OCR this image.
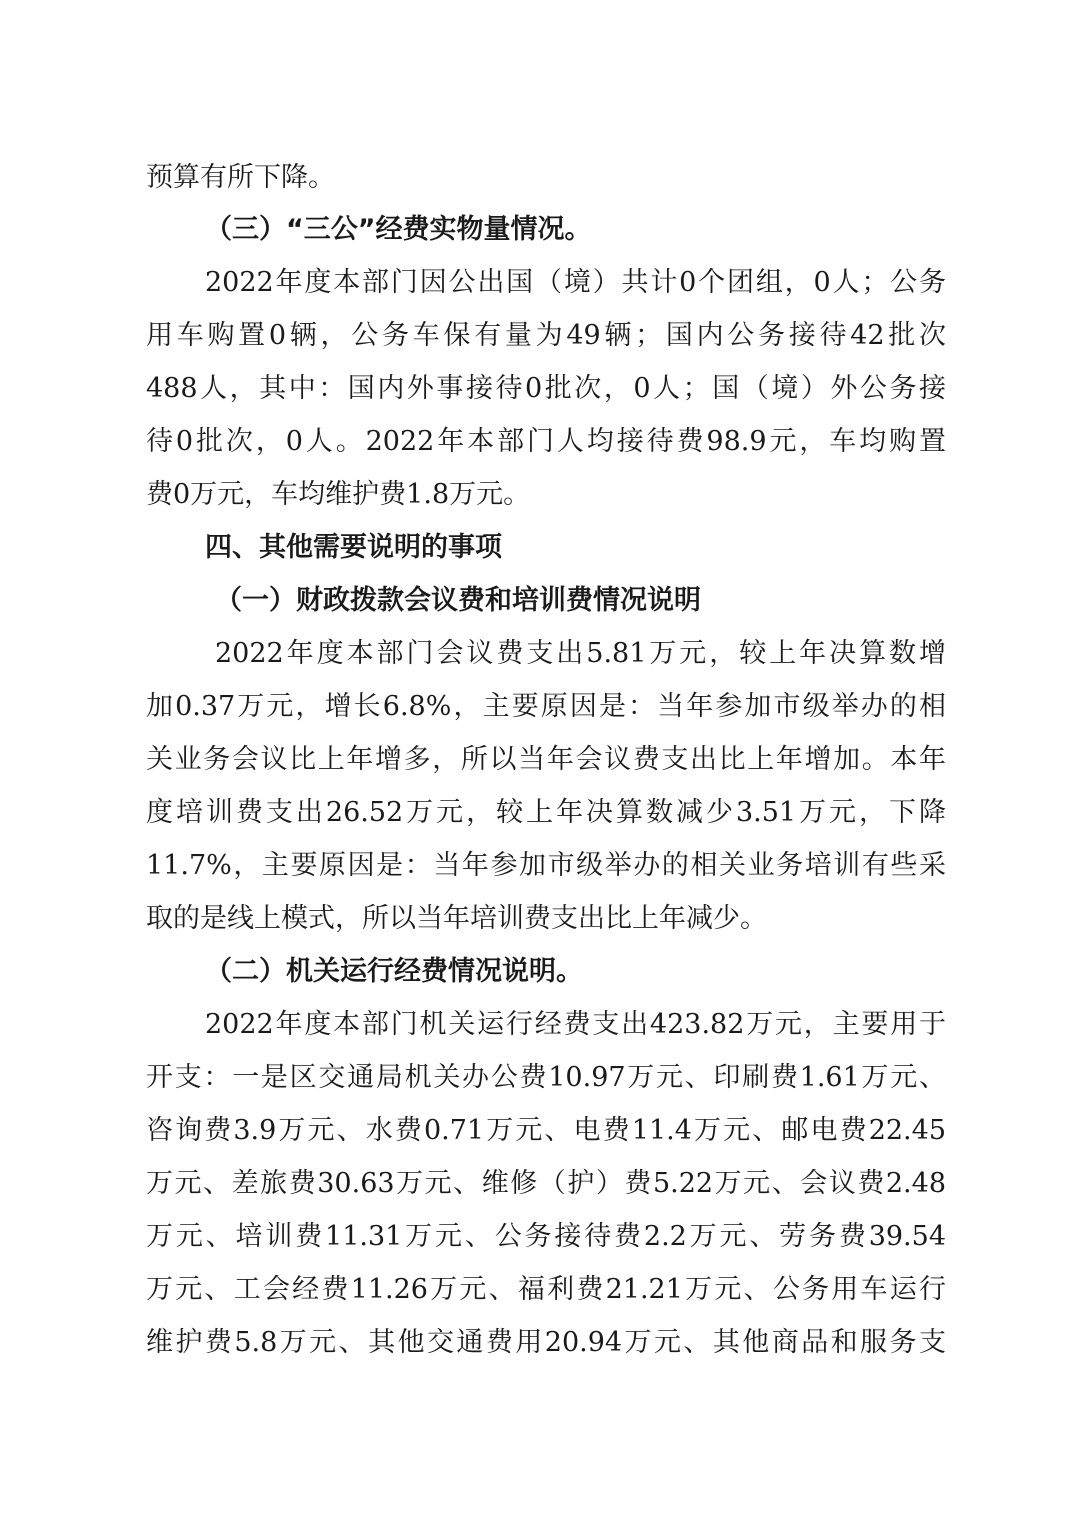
预算有所下降。
（三）“三公”经费实物量情况。
2022年度本部门因公出国（境）共计0个团组，0人；公务
用车购置0辆，公务车保有量为49辆；国内公务接待42批次
488人，其中：国内外事接待0批次，0人；国（境）外公务接
待0批次，0人。2022年本部门人均接待费98.9元，车均购置
费0万元，车均维护费1.8万元。
四、其他需要说明的事项
（一）财政拨款会议费和培训费情况说明
2022年度本部门会议费支出5.81万元，较上年决算数增
加0.37万元，增长6.8%，主要原因是：当年参加市级举办的相
关业务会议比上年增多，所以当年会议费支出比上年增加。本年
度培训费支出26.52万元，较上年决算数减少3.51万元，下降
11.7%，主要原因是：当年参加市级举办的相关业务培训有些采
取的是线上模式，所以当年培训费支出比上年减少。
（二）机关运行经费情况说明。
2022年度本部门机关运行经费支出423.82万元，主要用于
开支：一是区交通局机关办公费10.97万元、印刷费1.61万元、
咨询费3.9万元、水费0.71万元、电费11.4万元、邮电费22.45
万元、差旅费30.63万元、维修（护）费5.22万元、会议费2.48
万元、培训费11.31万元、公务接待费2.2万元、劳务费39.54
万元、工会经费11.26万元、福利费21.21万元、公务用车运行
维护费5.8万元、其他交通费用20.94万元、其他商品和服务支
